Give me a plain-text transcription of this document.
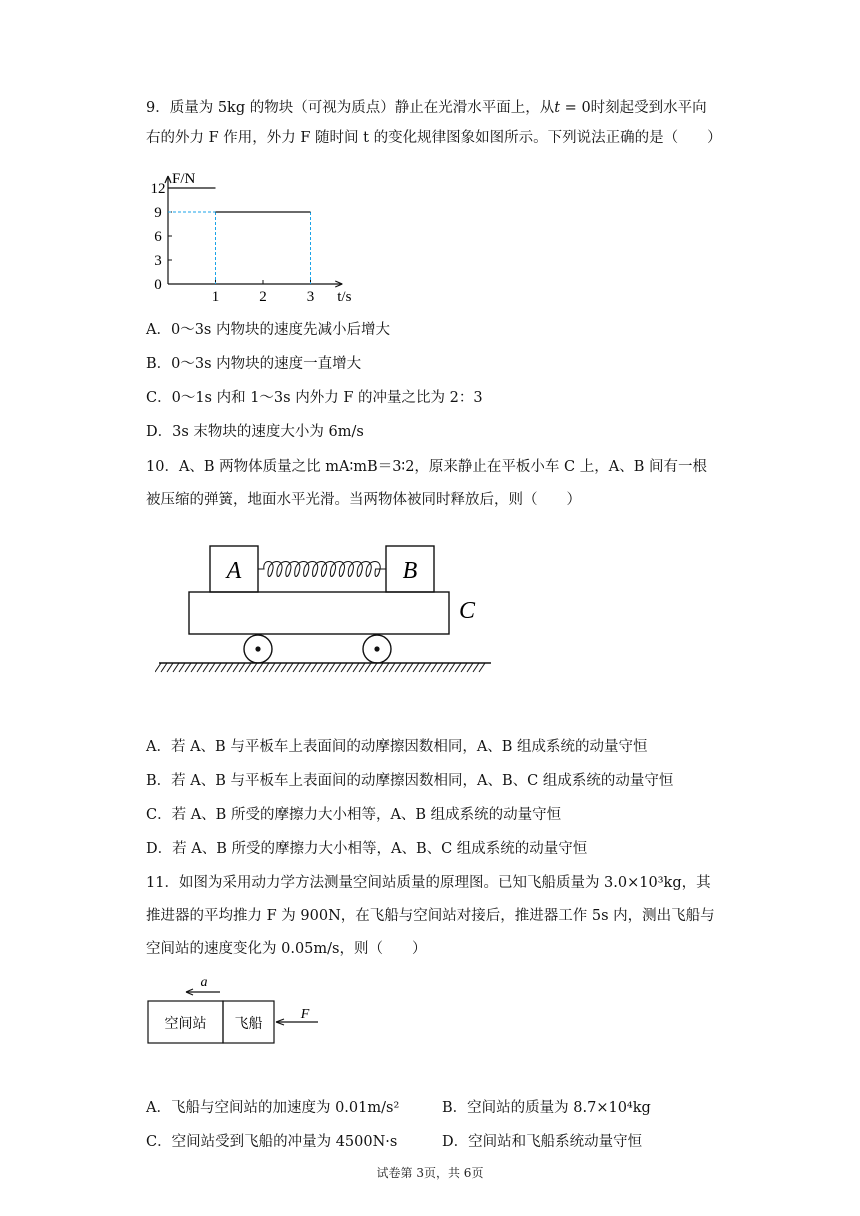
9．质量为 5kg 的物块（可视为质点）静止在光滑水平面上，从t = 0时刻起受到水平向
右的外力 F 作用，外力 F 随时间 t 的变化规律图象如图所示。下列说法正确的是（　　）
F/N
t/s
0
3
6
9
12
1	2	3
A．0～3s 内物块的速度先减小后增大
B．0～3s 内物块的速度一直增大
C．0～1s 内和 1～3s 内外力 F 的冲量之比为 2：3
D．3s 末物块的速度大小为 6m/s
10．A、B 两物体质量之比 mA∶mB＝3∶2，原来静止在平板小车 C 上，A、B 间有一根
被压缩的弹簧，地面水平光滑。当两物体被同时释放后，则（　　）
A	B
C
A．若 A、B 与平板车上表面间的动摩擦因数相同，A、B 组成系统的动量守恒
B．若 A、B 与平板车上表面间的动摩擦因数相同，A、B、C 组成系统的动量守恒
C．若 A、B 所受的摩擦力大小相等，A、B 组成系统的动量守恒
D．若 A、B 所受的摩擦力大小相等，A、B、C 组成系统的动量守恒
11．如图为采用动力学方法测量空间站质量的原理图。已知飞船质量为 3.0×10³kg，其
推进器的平均推力 F 为 900N，在飞船与空间站对接后，推进器工作 5s 内，测出飞船与
空间站的速度变化为 0.05m/s，则（　　）
a
空间站 飞船
F
A．飞船与空间站的加速度为 0.01m/s²	B．空间站的质量为 8.7×10⁴kg
C．空间站受到飞船的冲量为 4500N·s	D．空间站和飞船系统动量守恒
试卷第 3页，共 6页
